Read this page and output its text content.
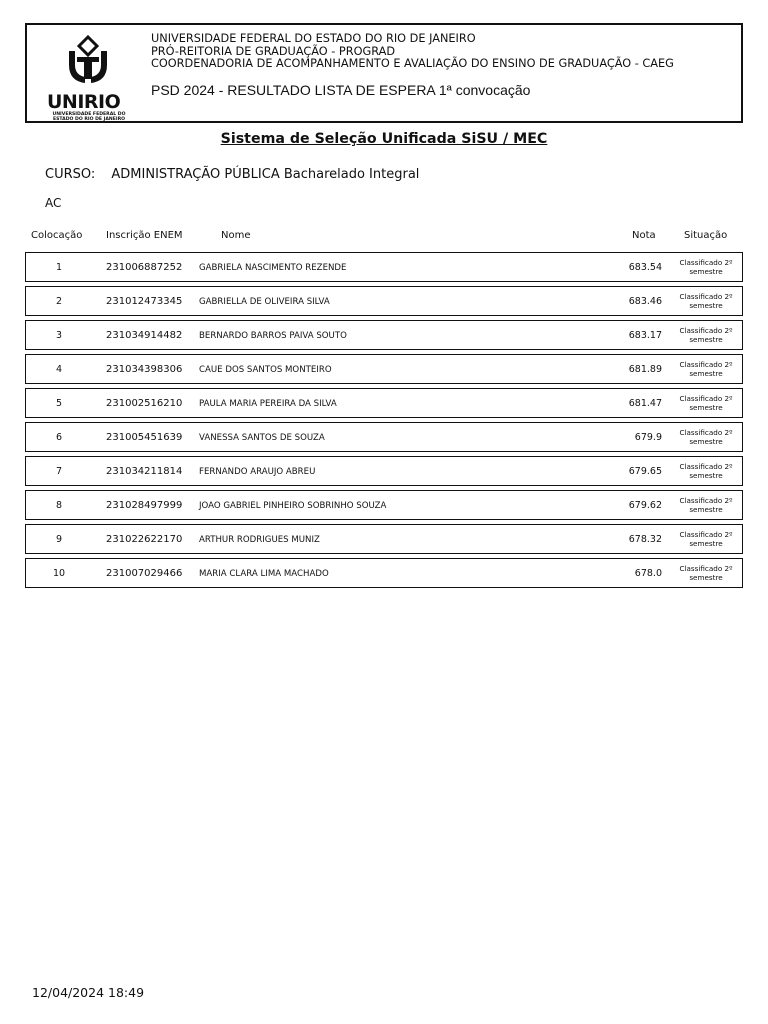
UNIRIO
UNIVERSIDADE FEDERAL DO ESTADO DO RIO DE JANEIRO
UNIVERSIDADE FEDERAL DO ESTADO DO RIO DE JANEIRO
PRÓ-REITORIA DE GRADUAÇÃO - PROGRAD
COORDENADORIA DE ACOMPANHAMENTO E AVALIAÇÃO DO ENSINO DE GRADUAÇÃO - CAEG
PSD 2024 - RESULTADO LISTA DE ESPERA 1ª convocação
Sistema de Seleção Unificada SiSU / MEC
CURSO: ADMINISTRAÇÃO PÚBLICA Bacharelado Integral
AC
Colocação Inscrição ENEM	Nome	Nota	Situação
1	231006887252 GABRIELA NASCIMENTO REZENDE	683.54	Classificado 2º semestre
2	231012473345 GABRIELLA DE OLIVEIRA SILVA	683.46	Classificado 2º semestre
3	231034914482 BERNARDO BARROS PAIVA SOUTO	683.17	Classificado 2º semestre
4	231034398306 CAUE DOS SANTOS MONTEIRO	681.89	Classificado 2º semestre
5	231002516210 PAULA MARIA PEREIRA DA SILVA	681.47	Classificado 2º semestre
6	231005451639 VANESSA SANTOS DE SOUZA	679.9	Classificado 2º semestre
7	231034211814 FERNANDO ARAUJO ABREU	679.65	Classificado 2º semestre
8	231028497999 JOAO GABRIEL PINHEIRO SOBRINHO SOUZA	679.62	Classificado 2º semestre
9	231022622170 ARTHUR RODRIGUES MUNIZ	678.32	Classificado 2º semestre
10	231007029466 MARIA CLARA LIMA MACHADO	678.0	Classificado 2º semestre
12/04/2024 18:49
